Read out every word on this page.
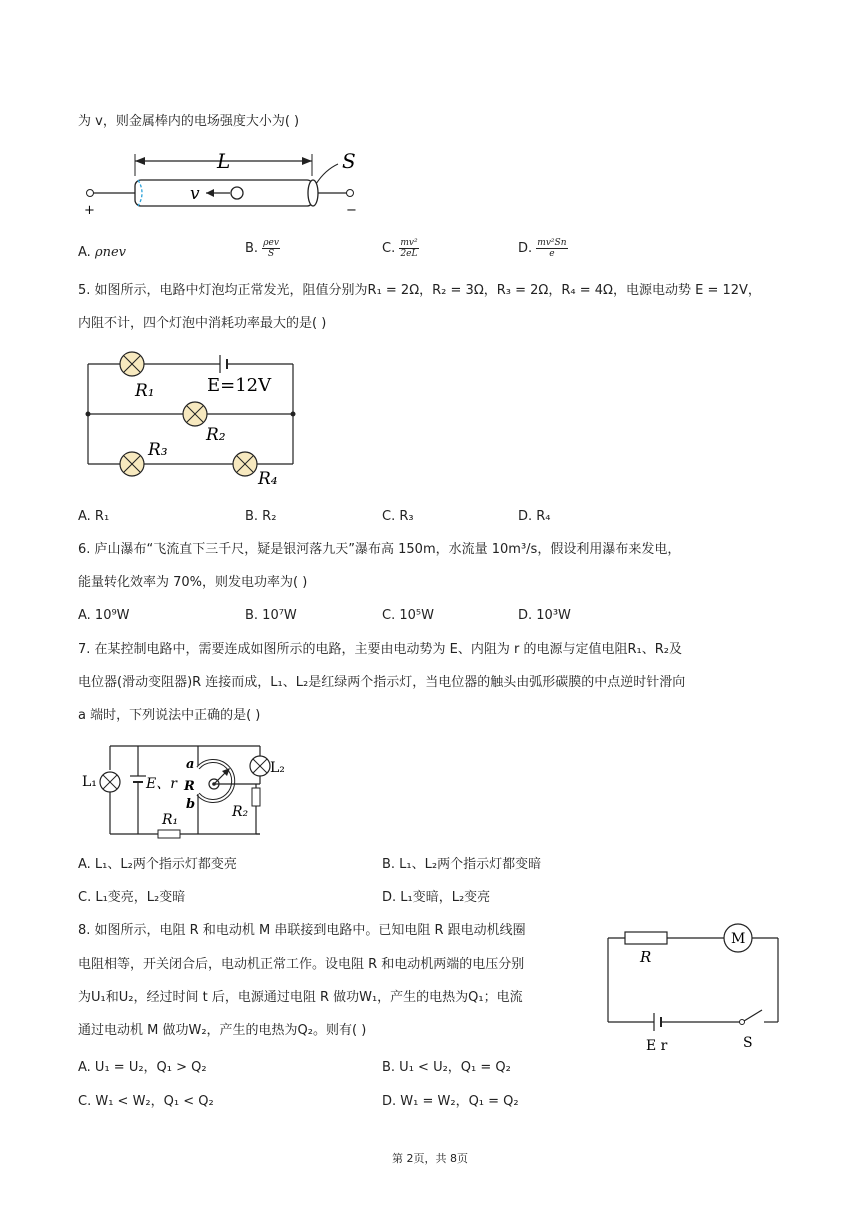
为 v，则金属棒内的电场强度大小为( )
L	S
v
+	−
A. ρnev	B. $\frac{\text{ρev}}{S}$	C. $\frac{\text{mv²}}{2eL}$	D. $\frac{\text{mv²Sn}}{e}$
5. 如图所示，电路中灯泡均正常发光，阻值分别为R₁ = 2Ω，R₂ = 3Ω，R₃ = 2Ω，R₄ = 4Ω，电源电动势 E = 12V，
内阻不计，四个灯泡中消耗功率最大的是( )
R₁	E=12V
R₂
R₃
R₄
A. R₁	B. R₂	C. R₃	D. R₄
6. 庐山瀑布“飞流直下三千尺，疑是银河落九天”瀑布高 150m，水流量 10m³/s，假设利用瀑布来发电，
能量转化效率为 70%，则发电功率为( )
A. 10⁹W	B. 10⁷W	C. 10⁵W	D. 10³W
7. 在某控制电路中，需要连成如图所示的电路，主要由电动势为 E、内阻为 r 的电源与定值电阻R₁、R₂及
电位器(滑动变阻器)R 连接而成，L₁、L₂是红绿两个指示灯，当电位器的触头由弧形碳膜的中点逆时针滑向
a 端时，下列说法中正确的是( )
L₁	E、r
R₁
a
R
b
L₂
R₂
A. L₁、L₂两个指示灯都变亮	B. L₁、L₂两个指示灯都变暗
C. L₁变亮，L₂变暗	D. L₁变暗，L₂变亮
8. 如图所示，电阻 R 和电动机 M 串联接到电路中。已知电阻 R 跟电动机线圈
电阻相等，开关闭合后，电动机正常工作。设电阻 R 和电动机两端的电压分别
为U₁和U₂，经过时间 t 后，电源通过电阻 R 做功W₁，产生的电热为Q₁；电流
通过电动机 M 做功W₂，产生的电热为Q₂。则有( )
M
R
E r	S
A. U₁ = U₂，Q₁ > Q₂	B. U₁ < U₂，Q₁ = Q₂
C. W₁ < W₂，Q₁ < Q₂	D. W₁ = W₂，Q₁ = Q₂
第 2页，共 8页
